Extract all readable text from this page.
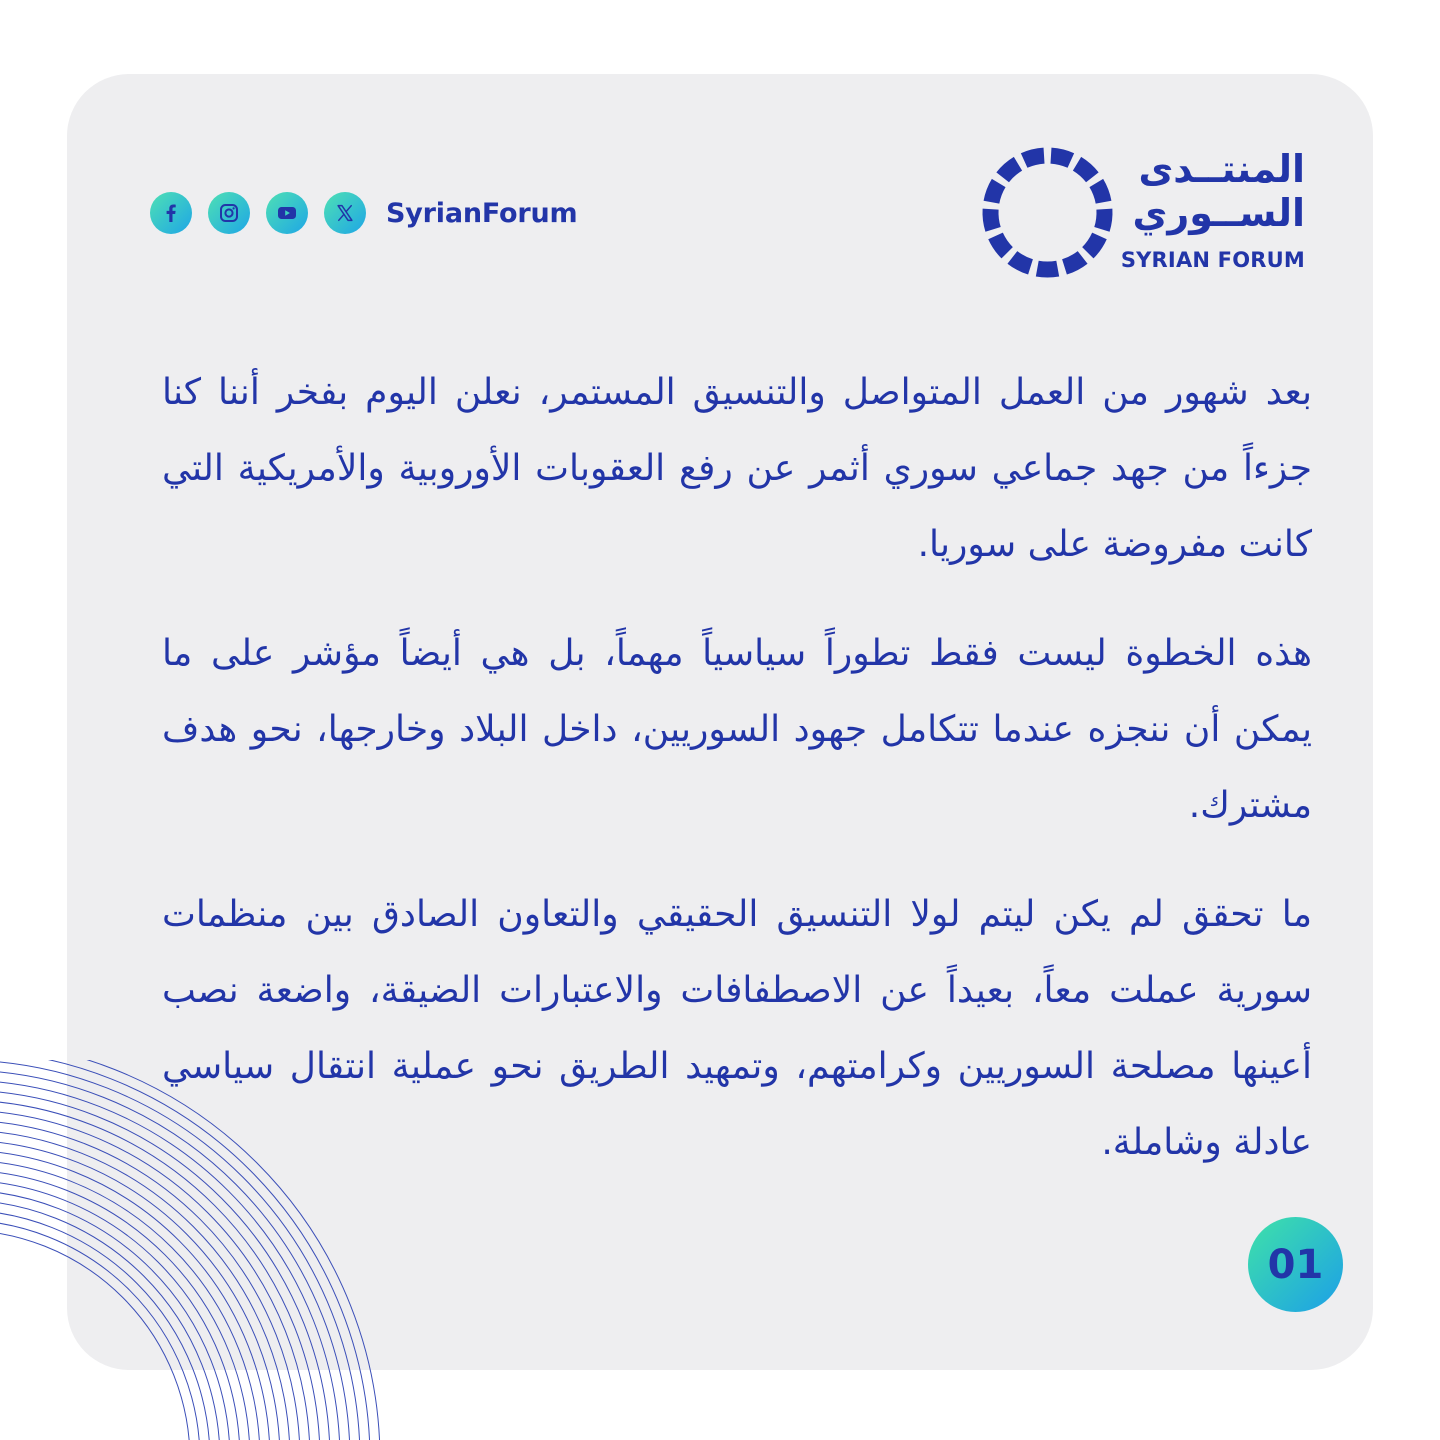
SyrianForum
المنتــدى
الســوري
SYRIAN FORUM

بعد شهور من العمل المتواصل والتنسيق المستمر، نعلن اليوم بفخر أننا كنا جزءاً من جهد جماعي سوري أثمر عن رفع العقوبات الأوروبية والأمريكية التي كانت مفروضة على سوريا.

هذه الخطوة ليست فقط تطوراً سياسياً مهماً، بل هي أيضاً مؤشر على ما يمكن أن ننجزه عندما تتكامل جهود السوريين، داخل البلاد وخارجها، نحو هدف مشترك.

ما تحقق لم يكن ليتم لولا التنسيق الحقيقي والتعاون الصادق بين منظمات سورية عملت معاً، بعيداً عن الاصطفافات والاعتبارات الضيقة، واضعة نصب أعينها مصلحة السوريين وكرامتهم، وتمهيد الطريق نحو عملية انتقال سياسي عادلة وشاملة.

01
